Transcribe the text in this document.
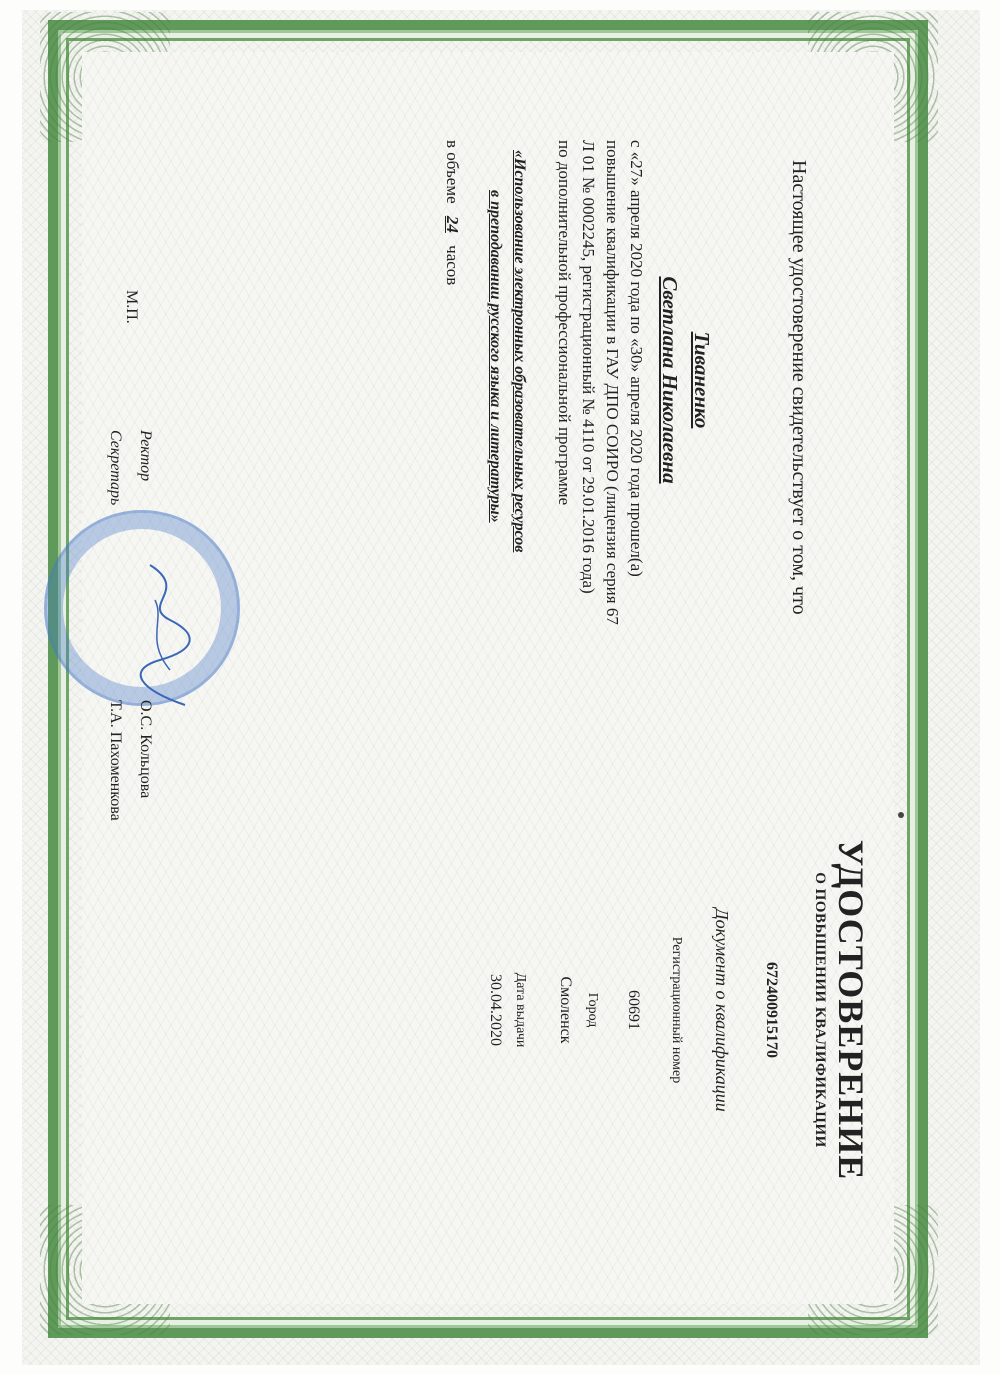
Настоящее удостоверение свидетельствует о том, что
Тиваненко
Светлана Николаевна
с «27» апреля 2020 года по «30» апреля 2020 года прошел(а)
повышение квалификации в ГАУ ДПО СОИРО (лицензия серия 67
Л 01 № 0002245, регистрационный № 4110 от 29.01.2016 года)
по дополнительной профессиональной программе
«Использование электронных образовательных ресурсов
в преподавании русского языка и литературы»
в объеме 24 часов
М.П.
Ректор
О.С. Кольцова
Секретарь
Т.А. Пахоменкова
УДОСТОВЕРЕНИЕ
О ПОВЫШЕНИИ КВАЛИФИКАЦИИ
672400915170
Документ о квалификации
Регистрационный номер
60691
Город
Смоленск
Дата выдачи
30.04.2020
